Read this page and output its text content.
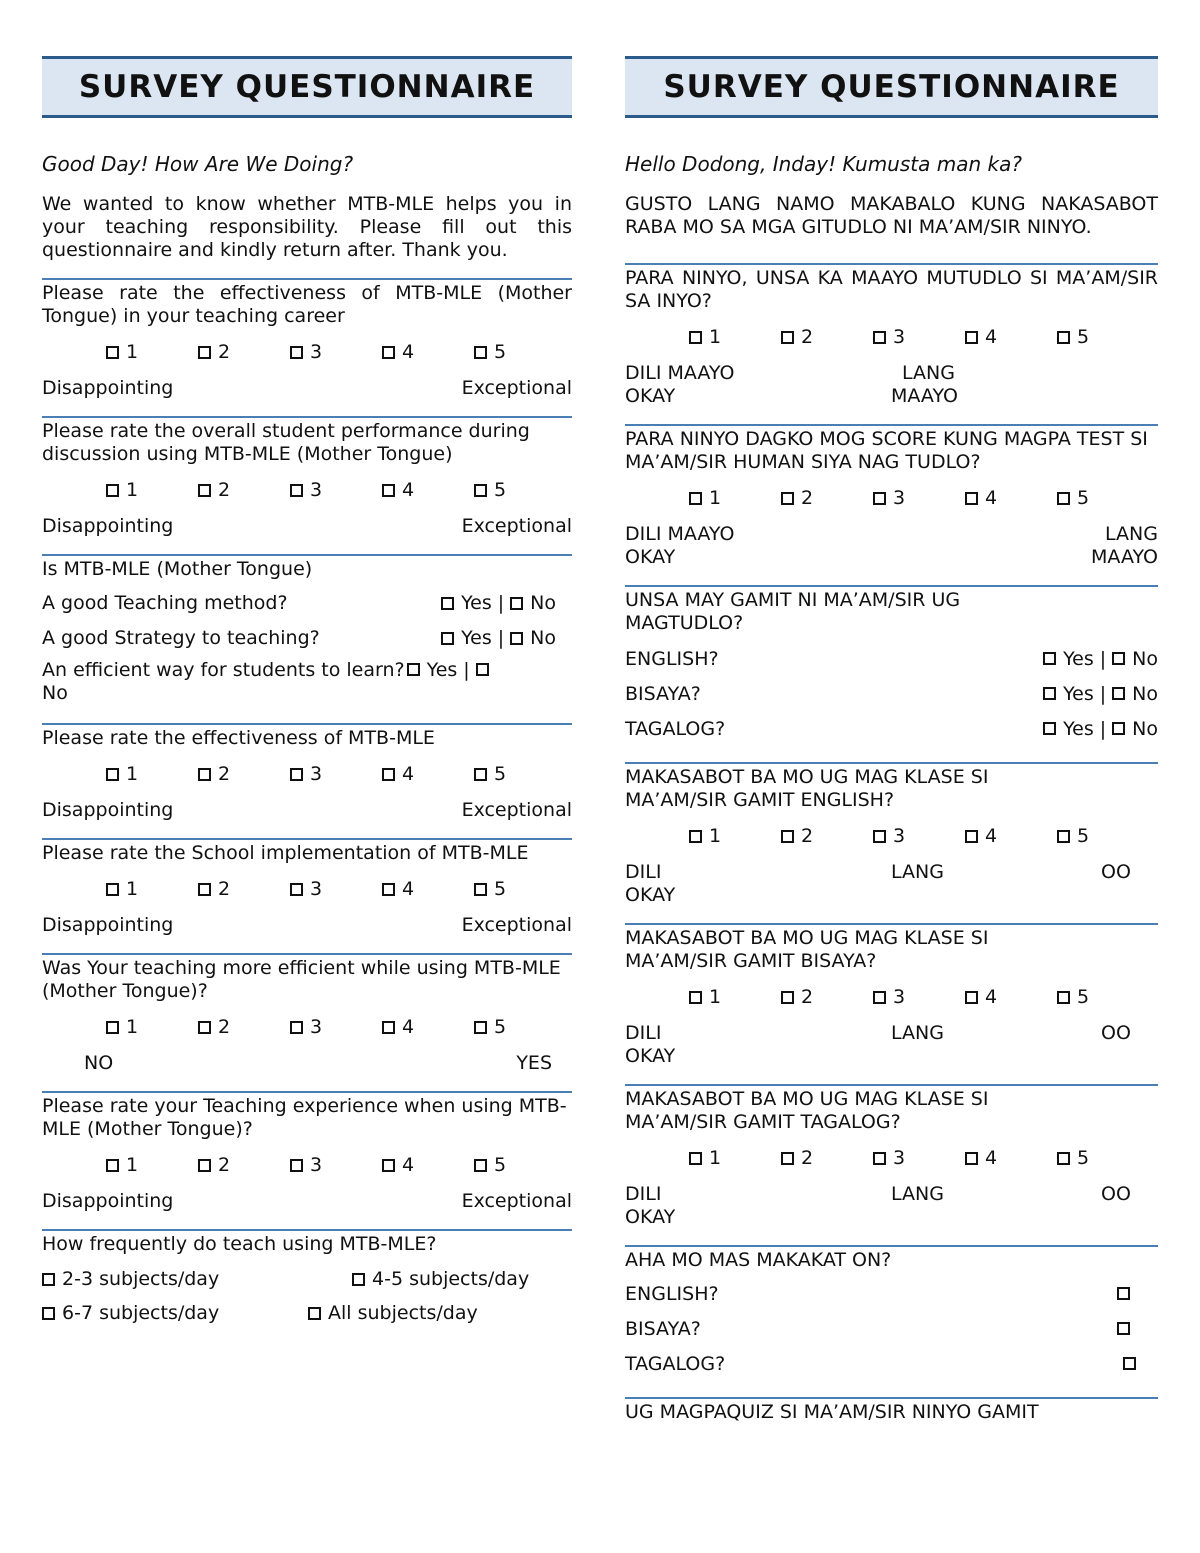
SURVEY QUESTIONNAIRE
Good Day! How Are We Doing?
We wanted to know whether MTB-MLE helps you in your teaching responsibility. Please fill out this questionnaire and kindly return after. Thank you.
Please rate the effectiveness of MTB-MLE (Mother Tongue) in your teaching career
1	2	3	4	5
Disappointing	Exceptional
Please rate the overall student performance during discussion using MTB-MLE (Mother Tongue)
1	2	3	4	5
Disappointing	Exceptional
Is MTB-MLE (Mother Tongue)
A good Teaching method?	Yes | No
A good Strategy to teaching?	Yes | No
An efficient way for students to learn? Yes |
No
Please rate the effectiveness of MTB-MLE
1	2	3	4	5
Disappointing	Exceptional
Please rate the School implementation of MTB-MLE
1	2	3	4	5
Disappointing	Exceptional
Was Your teaching more efficient while using MTB-MLE (Mother Tongue)?
1	2	3	4	5
NO	YES
Please rate your Teaching experience when using MTB-MLE (Mother Tongue)?
1	2	3	4	5
Disappointing	Exceptional
How frequently do teach using MTB-MLE?
2-3 subjects/day	4-5 subjects/day
6-7 subjects/day	All subjects/day
SURVEY QUESTIONNAIRE
Hello Dodong, Inday! Kumusta man ka?
GUSTO LANG NAMO MAKABALO KUNG NAKASABOT RABA MO SA MGA GITUDLO NI MA’AM/SIR NINYO.
PARA NINYO, UNSA KA MAAYO MUTUDLO SI MA’AM/SIR SA INYO?
1	2	3	4	5
DILI MAAYO
OKAY
LANG
MAAYO
PARA NINYO DAGKO MOG SCORE KUNG MAGPA TEST SI MA’AM/SIR HUMAN SIYA NAG TUDLO?
1	2	3	4	5
DILI MAAYO
OKAY
LANG
MAAYO
UNSA MAY GAMIT NI MA’AM/SIR UG MAGTUDLO?
ENGLISH?	Yes | No
BISAYA?	Yes | No
TAGALOG?	Yes | No
MAKASABOT BA MO UG MAG KLASE SI MA’AM/SIR GAMIT ENGLISH?
1	2	3	4	5
DILI
OKAY
LANG	OO
MAKASABOT BA MO UG MAG KLASE SI MA’AM/SIR GAMIT BISAYA?
1	2	3	4	5
DILI
OKAY
LANG	OO
MAKASABOT BA MO UG MAG KLASE SI MA’AM/SIR GAMIT TAGALOG?
1	2	3	4	5
DILI
OKAY
LANG	OO
AHA MO MAS MAKAKAT ON?
ENGLISH?
BISAYA?
TAGALOG?
UG MAGPAQUIZ SI MA’AM/SIR NINYO GAMIT
